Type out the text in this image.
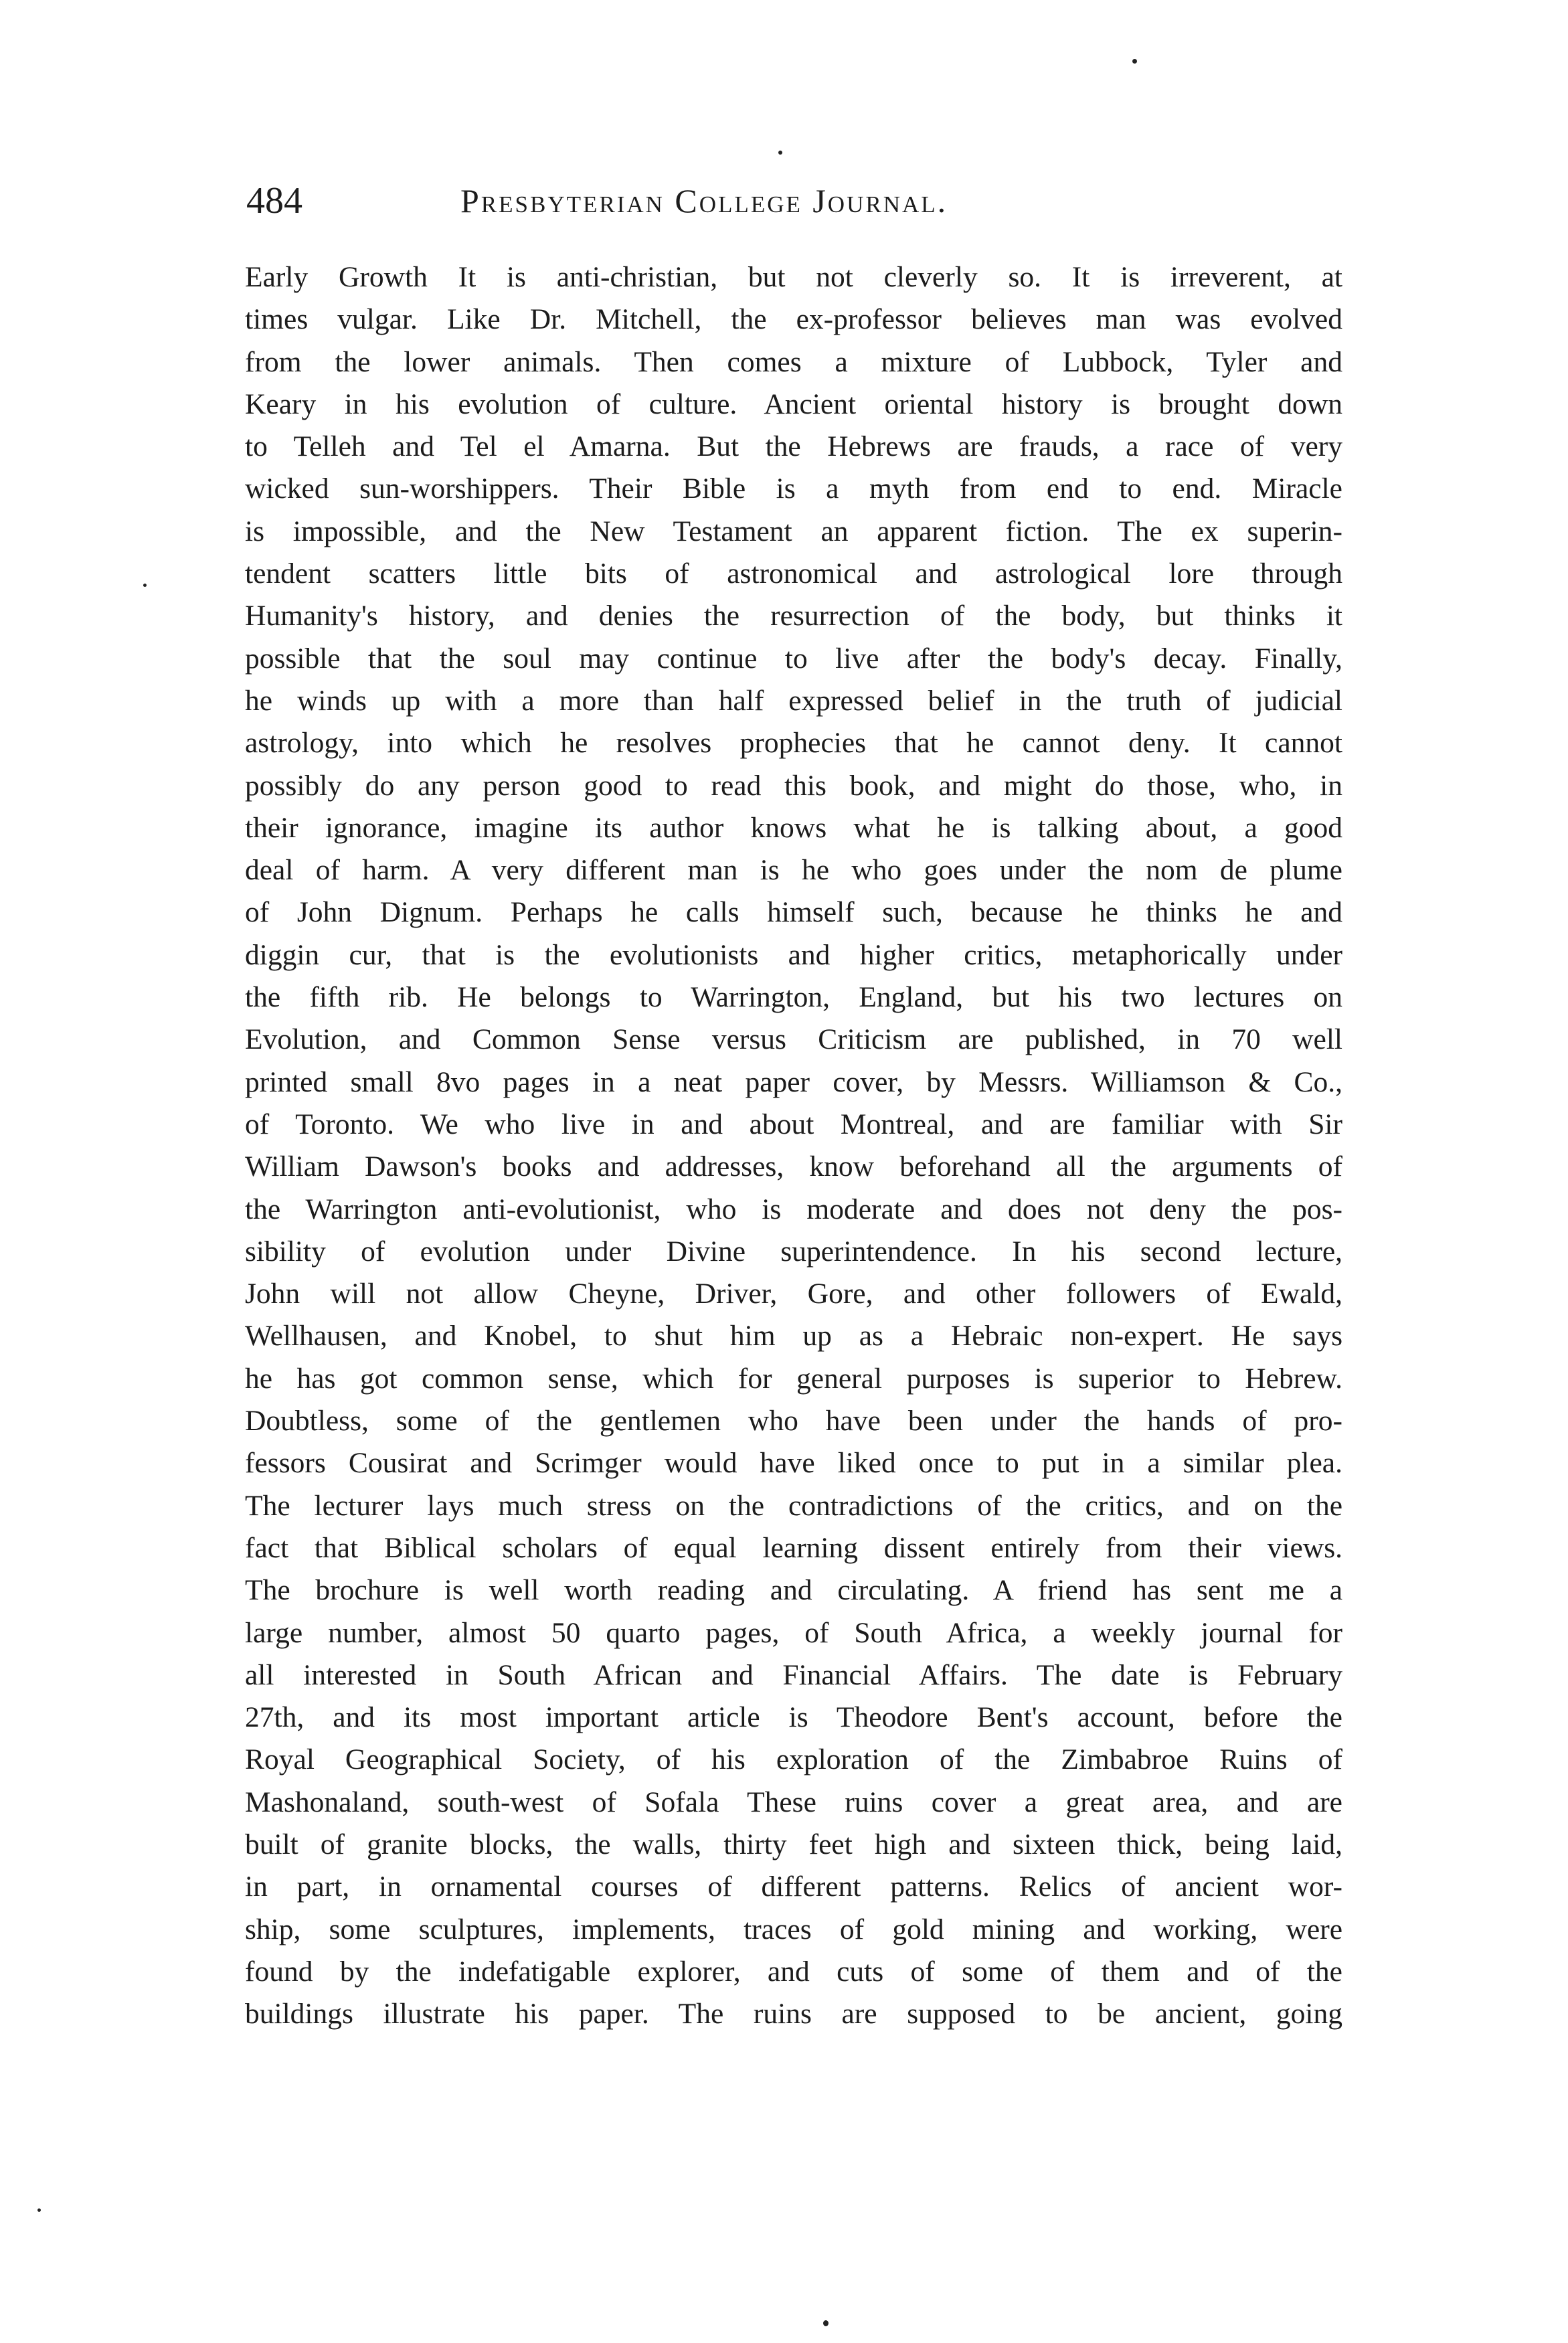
484	Presbyterian College Journal.
Early Growth It is anti-christian, but not cleverly so. It is irreverent, at
times vulgar. Like Dr. Mitchell, the ex-professor believes man was evolved
from the lower animals. Then comes a mixture of Lubbock, Tyler and
Keary in his evolution of culture. Ancient oriental history is brought down
to Telleh and Tel el Amarna. But the Hebrews are frauds, a race of very
wicked sun-worshippers. Their Bible is a myth from end to end. Miracle
is impossible, and the New Testament an apparent fiction. The ex superin-
tendent scatters little bits of astronomical and astrological lore through
Humanity's history, and denies the resurrection of the body, but thinks it
possible that the soul may continue to live after the body's decay. Finally,
he winds up with a more than half expressed belief in the truth of judicial
astrology, into which he resolves prophecies that he cannot deny. It cannot
possibly do any person good to read this book, and might do those, who, in
their ignorance, imagine its author knows what he is talking about, a good
deal of harm. A very different man is he who goes under the nom de plume
of John Dignum. Perhaps he calls himself such, because he thinks he and
diggin cur, that is the evolutionists and higher critics, metaphorically under
the fifth rib. He belongs to Warrington, England, but his two lectures on
Evolution, and Common Sense versus Criticism are published, in 70 well
printed small 8vo pages in a neat paper cover, by Messrs. Williamson & Co.,
of Toronto. We who live in and about Montreal, and are familiar with Sir
William Dawson's books and addresses, know beforehand all the arguments of
the Warrington anti-evolutionist, who is moderate and does not deny the pos-
sibility of evolution under Divine superintendence. In his second lecture,
John will not allow Cheyne, Driver, Gore, and other followers of Ewald,
Wellhausen, and Knobel, to shut him up as a Hebraic non-expert. He says
he has got common sense, which for general purposes is superior to Hebrew.
Doubtless, some of the gentlemen who have been under the hands of pro-
fessors Cousirat and Scrimger would have liked once to put in a similar plea.
The lecturer lays much stress on the contradictions of the critics, and on the
fact that Biblical scholars of equal learning dissent entirely from their views.
The brochure is well worth reading and circulating. A friend has sent me a
large number, almost 50 quarto pages, of South Africa, a weekly journal for
all interested in South African and Financial Affairs. The date is February
27th, and its most important article is Theodore Bent's account, before the
Royal Geographical Society, of his exploration of the Zimbabroe Ruins of
Mashonaland, south-west of Sofala These ruins cover a great area, and are
built of granite blocks, the walls, thirty feet high and sixteen thick, being laid,
in part, in ornamental courses of different patterns. Relics of ancient wor-
ship, some sculptures, implements, traces of gold mining and working, were
found by the indefatigable explorer, and cuts of some of them and of the
buildings illustrate his paper. The ruins are supposed to be ancient, going
